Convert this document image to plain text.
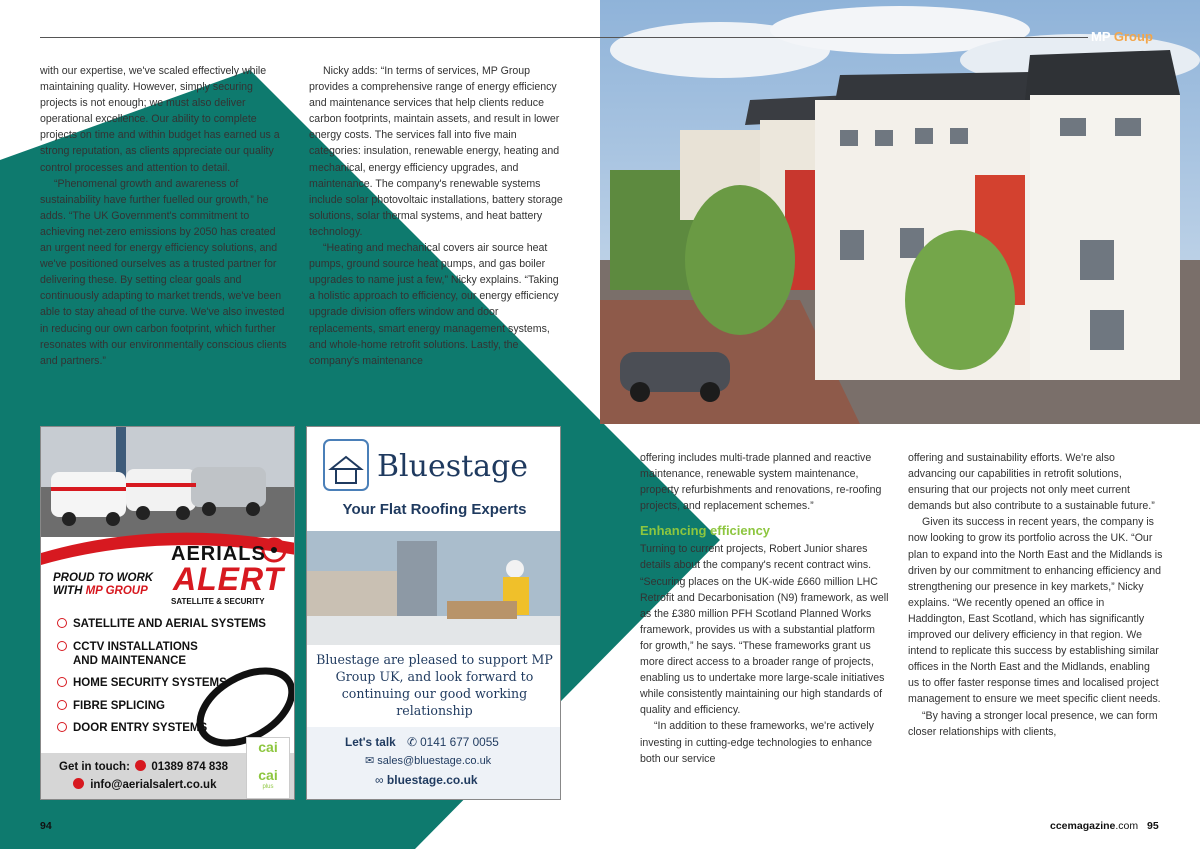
MP Group

with our expertise, we've scaled effectively while maintaining quality. However, simply securing projects is not enough; we must also deliver operational excellence. Our ability to complete projects on time and within budget has earned us a strong reputation, as clients appreciate our quality control processes and attention to detail.

“Phenomenal growth and awareness of sustainability have further fuelled our growth,” he adds. “The UK Government's commitment to achieving net-zero emissions by 2050 has created an urgent need for energy efficiency solutions, and we've positioned ourselves as a trusted partner for delivering these. By setting clear goals and continuously adapting to market trends, we've been able to stay ahead of the curve. We've also invested in reducing our own carbon footprint, which further resonates with our environmentally conscious clients and partners.”

Nicky adds: “In terms of services, MP Group provides a comprehensive range of energy efficiency and maintenance services that help clients reduce carbon footprints, maintain assets, and result in lower energy costs. The services fall into five main categories: insulation, renewable energy, heating and mechanical, energy efficiency upgrades, and maintenance. The company's renewable systems include solar photovoltaic installations, battery storage solutions, solar thermal systems, and heat battery technology.

“Heating and mechanical covers air source heat pumps, ground source heat pumps, and gas boiler upgrades to name just a few,” Nicky explains. “Taking a holistic approach to efficiency, our energy efficiency upgrade division offers window and door replacements, smart energy management systems, and whole-home retrofit solutions. Lastly, the company's maintenance

offering includes multi-trade planned and reactive maintenance, renewable system maintenance, property refurbishments and renovations, re-roofing projects, and replacement schemes.”

Enhancing efficiency

Turning to current projects, Robert Junior shares details about the company's recent contract wins. “Securing places on the UK-wide £660 million LHC Retrofit and Decarbonisation (N9) framework, as well as the £380 million PFH Scotland Planned Works framework, provides us with a substantial platform for growth,” he says. “These frameworks grant us more direct access to a broader range of projects, enabling us to undertake more large-scale initiatives while consistently maintaining our high standards of quality and efficiency.

“In addition to these frameworks, we're actively investing in cutting-edge technologies to enhance both our service

offering and sustainability efforts. We're also advancing our capabilities in retrofit solutions, ensuring that our projects not only meet current demands but also contribute to a sustainable future.”

Given its success in recent years, the company is now looking to grow its portfolio across the UK. “Our plan to expand into the North East and the Midlands is driven by our commitment to enhancing efficiency and strengthening our presence in key markets,” Nicky explains. “We recently opened an office in Haddington, East Scotland, which has significantly improved our delivery efficiency in that region. We intend to replicate this success by establishing similar offices in the North East and the Midlands, enabling us to offer faster response times and localised project management to ensure we meet specific client needs.

“By having a stronger local presence, we can form closer relationships with clients,

AERIALS
ALERT
SATELLITE & SECURITY
PROUD TO WORK
WITH MP GROUP
SATELLITE AND AERIAL SYSTEMS
CCTV INSTALLATIONS AND MAINTENANCE
HOME SECURITY SYSTEMS
FIBRE SPLICING
DOOR ENTRY SYSTEMS
Get in touch: 01389 874 838
info@aerialsalert.co.uk
cai
cai
plus
Bluestage
Your Flat Roofing Experts
Bluestage are pleased to support MP Group UK, and look forward to continuing our good working relationship
Let's talk ✆ 0141 677 0055
✉ sales@bluestage.co.uk
∞ bluestage.co.uk
94	ccemagazine.com 95
